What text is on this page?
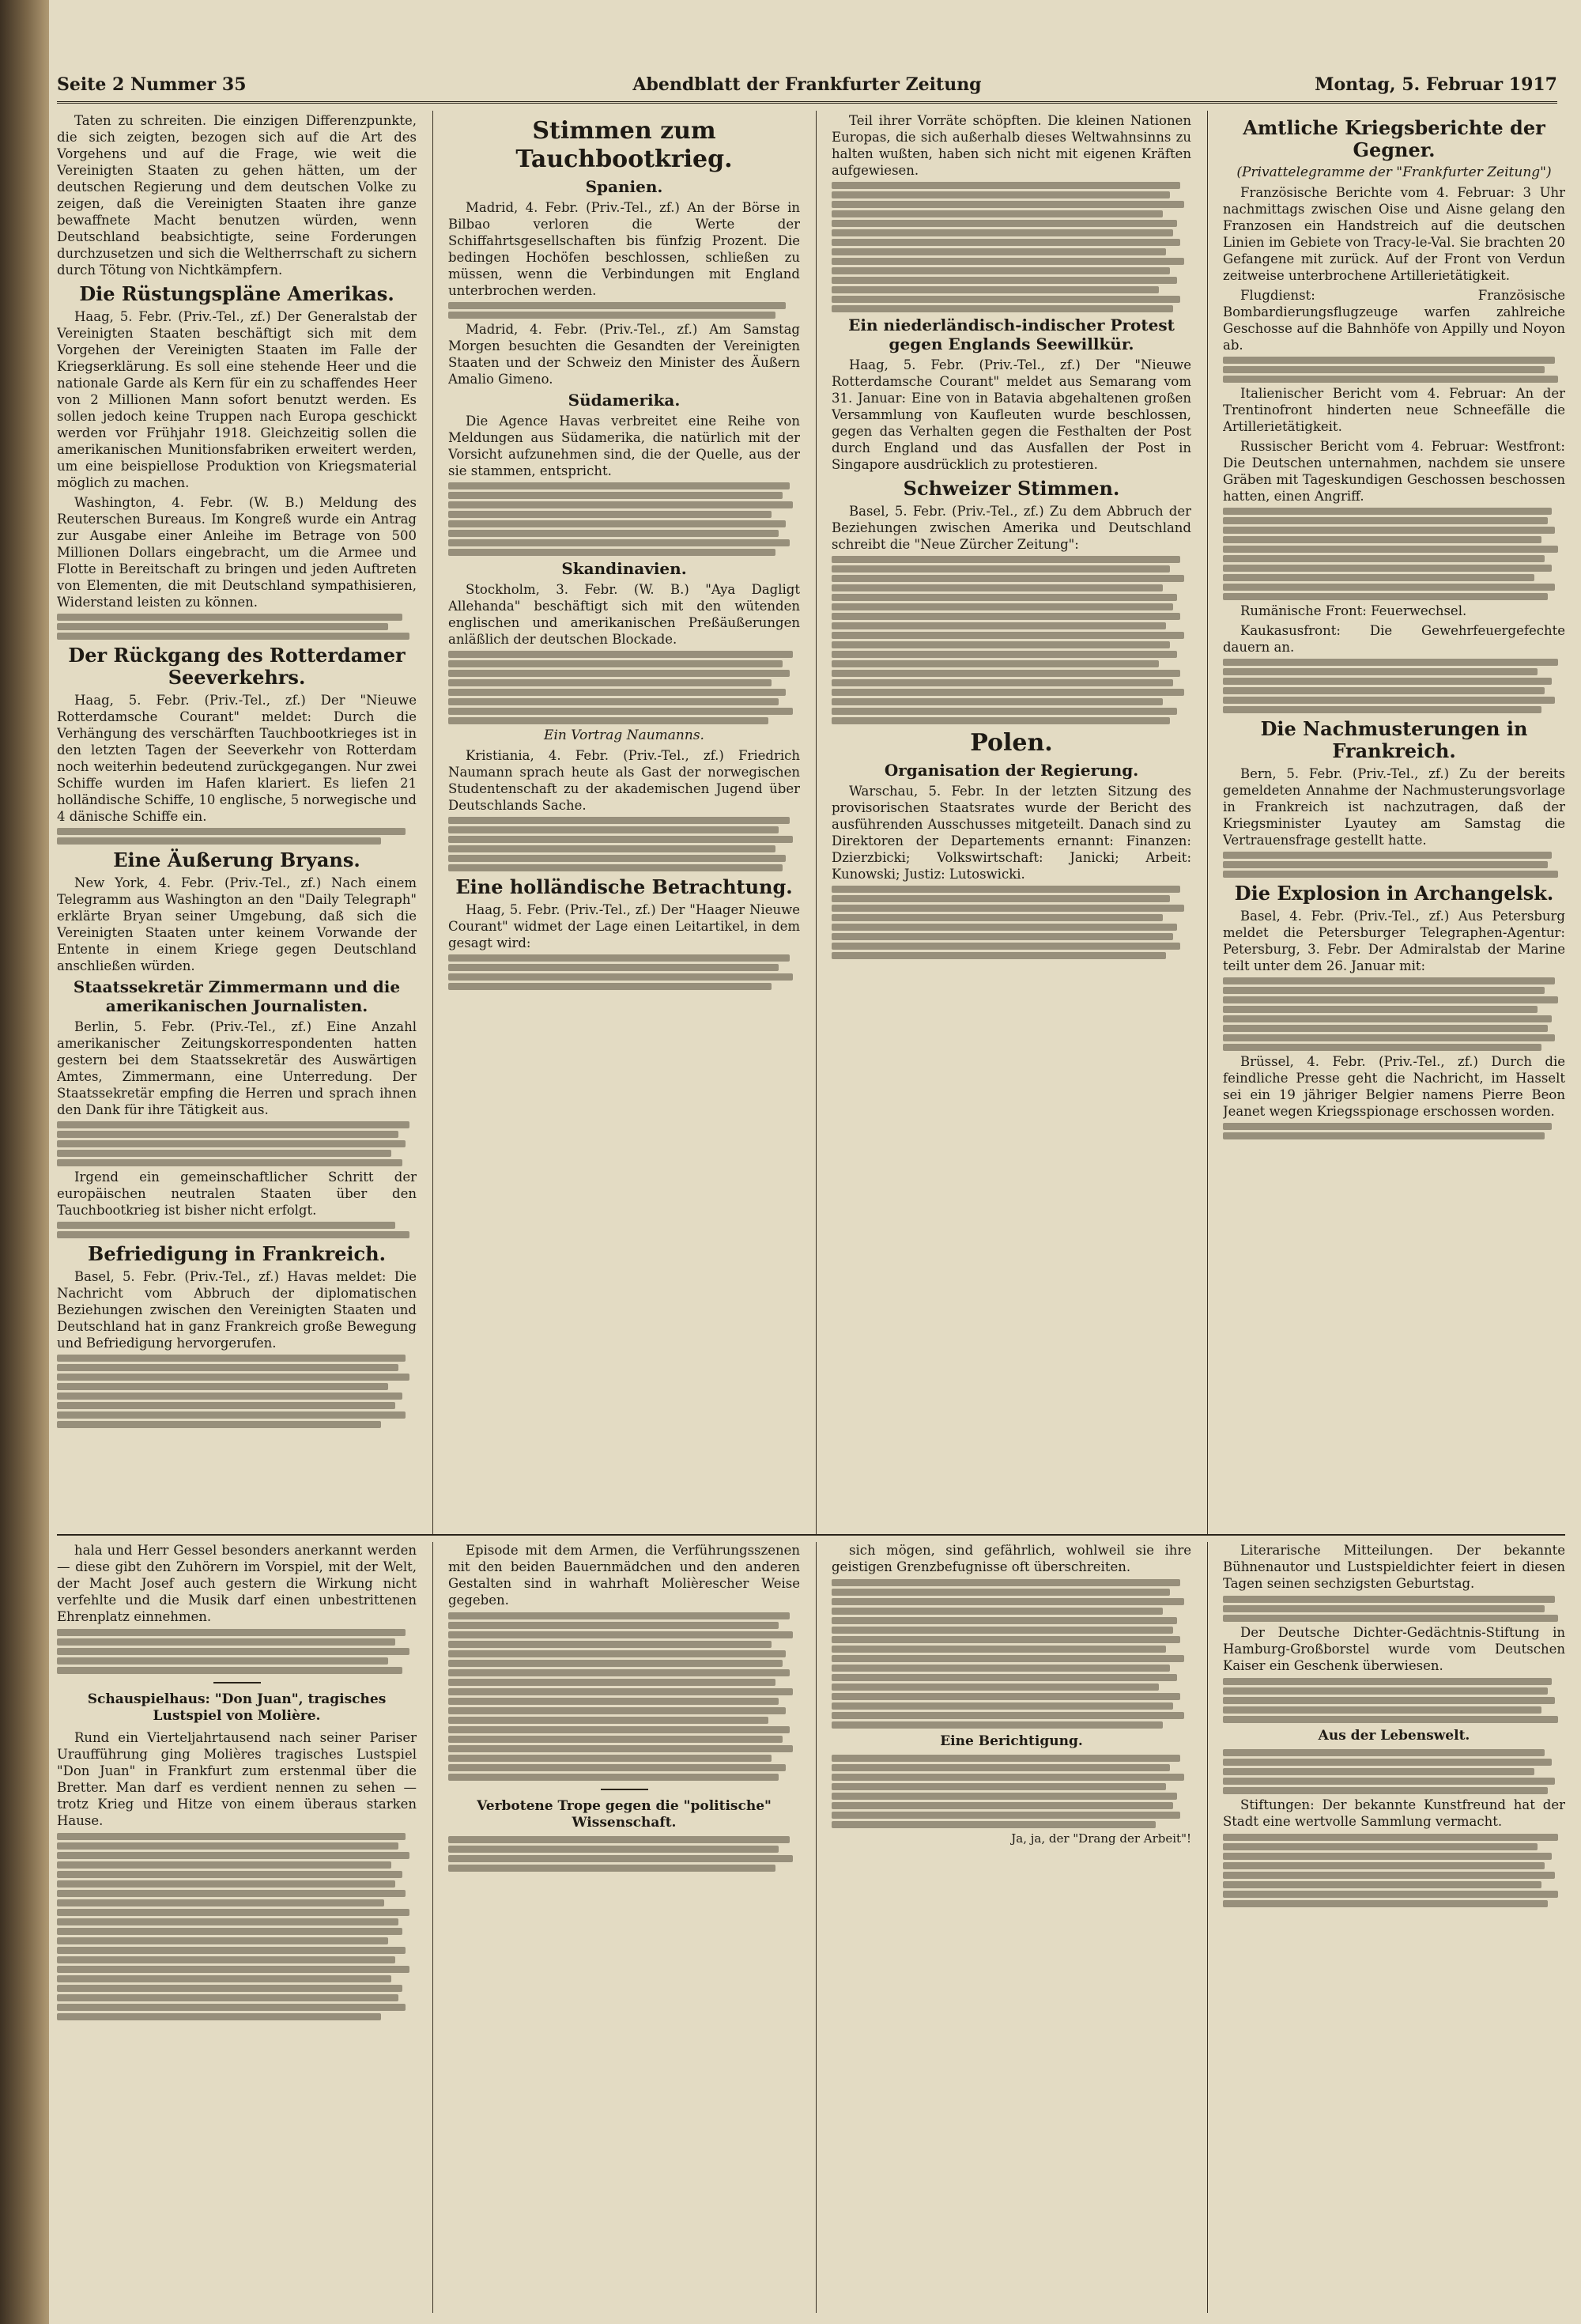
Seite 2 Nummer 35	Abendblatt der Frankfurter Zeitung	Montag, 5. Februar 1917

Taten zu schreiten. Die einzigen Differenzpunkte, die sich zeigten, bezogen sich auf die Art des Vorgehens und auf die Frage, wie weit die Vereinigten Staaten zu gehen hätten, um der deutschen Regierung und dem deutschen Volke zu zeigen, daß die Vereinigten Staaten ihre ganze bewaffnete Macht benutzen würden, wenn Deutschland beabsichtigte, seine Forderungen durchzusetzen und sich die Weltherrschaft zu sichern durch Tötung von Nichtkämpfern.

Die Rüstungspläne Amerikas.

Haag, 5. Febr. (Priv.-Tel., zf.) Der Generalstab der Vereinigten Staaten beschäftigt sich mit dem Vorgehen der Vereinigten Staaten im Falle der Kriegserklärung. Es soll eine stehende Heer und die nationale Garde als Kern für ein zu schaffendes Heer von 2 Millionen Mann sofort benutzt werden. Es sollen jedoch keine Truppen nach Europa geschickt werden vor Frühjahr 1918. Gleichzeitig sollen die amerikanischen Munitionsfabriken erweitert werden, um eine beispiellose Produktion von Kriegsmaterial möglich zu machen.

Washington, 4. Febr. (W. B.) Meldung des Reuterschen Bureaus. Im Kongreß wurde ein Antrag zur Ausgabe einer Anleihe im Betrage von 500 Millionen Dollars eingebracht, um die Armee und Flotte in Bereitschaft zu bringen und jeden Auftreten von Elementen, die mit Deutschland sympathisieren, Widerstand leisten zu können.

Der Rückgang des Rotterdamer Seeverkehrs.

Haag, 5. Febr. (Priv.-Tel., zf.) Der "Nieuwe Rotterdamsche Courant" meldet: Durch die Verhängung des verschärften Tauchbootkrieges ist in den letzten Tagen der Seeverkehr von Rotterdam noch weiterhin bedeutend zurückgegangen. Nur zwei Schiffe wurden im Hafen klariert. Es liefen 21 holländische Schiffe, 10 englische, 5 norwegische und 4 dänische Schiffe ein.

Eine Äußerung Bryans.

New York, 4. Febr. (Priv.-Tel., zf.) Nach einem Telegramm aus Washington an den "Daily Telegraph" erklärte Bryan seiner Umgebung, daß sich die Vereinigten Staaten unter keinem Vorwande der Entente in einem Kriege gegen Deutschland anschließen würden.

Staatssekretär Zimmermann und die amerikanischen Journalisten.

Berlin, 5. Febr. (Priv.-Tel., zf.) Eine Anzahl amerikanischer Zeitungskorrespondenten hatten gestern bei dem Staatssekretär des Auswärtigen Amtes, Zimmermann, eine Unterredung. Der Staatssekretär empfing die Herren und sprach ihnen den Dank für ihre Tätigkeit aus.

Irgend ein gemeinschaftlicher Schritt der europäischen neutralen Staaten über den Tauchbootkrieg ist bisher nicht erfolgt.

Befriedigung in Frankreich.

Basel, 5. Febr. (Priv.-Tel., zf.) Havas meldet: Die Nachricht vom Abbruch der diplomatischen Beziehungen zwischen den Vereinigten Staaten und Deutschland hat in ganz Frankreich große Bewegung und Befriedigung hervorgerufen.

Stimmen zum Tauchbootkrieg.
Spanien.

Madrid, 4. Febr. (Priv.-Tel., zf.) An der Börse in Bilbao verloren die Werte der Schiffahrtsgesellschaften bis fünfzig Prozent. Die bedingen Hochöfen beschlossen, schließen zu müssen, wenn die Verbindungen mit England unterbrochen werden.

Madrid, 4. Febr. (Priv.-Tel., zf.) Am Samstag Morgen besuchten die Gesandten der Vereinigten Staaten und der Schweiz den Minister des Äußern Amalio Gimeno.

Südamerika.

Die Agence Havas verbreitet eine Reihe von Meldungen aus Südamerika, die natürlich mit der Vorsicht aufzunehmen sind, die der Quelle, aus der sie stammen, entspricht.

Skandinavien.

Stockholm, 3. Febr. (W. B.) "Aya Dagligt Allehanda" beschäftigt sich mit den wütenden englischen und amerikanischen Preßäußerungen anläßlich der deutschen Blockade.

Ein Vortrag Naumanns.

Kristiania, 4. Febr. (Priv.-Tel., zf.) Friedrich Naumann sprach heute als Gast der norwegischen Studentenschaft zu der akademischen Jugend über Deutschlands Sache.

Eine holländische Betrachtung.

Haag, 5. Febr. (Priv.-Tel., zf.) Der "Haager Nieuwe Courant" widmet der Lage einen Leitartikel, in dem gesagt wird:

Teil ihrer Vorräte schöpften. Die kleinen Nationen Europas, die sich außerhalb dieses Weltwahnsinns zu halten wußten, haben sich nicht mit eigenen Kräften aufgewiesen.

Ein niederländisch-indischer Protest gegen Englands Seewillkür.

Haag, 5. Febr. (Priv.-Tel., zf.) Der "Nieuwe Rotterdamsche Courant" meldet aus Semarang vom 31. Januar: Eine von in Batavia abgehaltenen großen Versammlung von Kaufleuten wurde beschlossen, gegen das Verhalten gegen die Festhalten der Post durch England und das Ausfallen der Post in Singapore ausdrücklich zu protestieren.

Schweizer Stimmen.

Basel, 5. Febr. (Priv.-Tel., zf.) Zu dem Abbruch der Beziehungen zwischen Amerika und Deutschland schreibt die "Neue Zürcher Zeitung":

Polen.
Organisation der Regierung.

Warschau, 5. Febr. In der letzten Sitzung des provisorischen Staatsrates wurde der Bericht des ausführenden Ausschusses mitgeteilt. Danach sind zu Direktoren der Departements ernannt: Finanzen: Dzierzbicki; Volkswirtschaft: Janicki; Arbeit: Kunowski; Justiz: Lutoswicki.

Amtliche Kriegsberichte der Gegner.
(Privattelegramme der "Frankfurter Zeitung")

Französische Berichte vom 4. Februar: 3 Uhr nachmittags zwischen Oise und Aisne gelang den Franzosen ein Handstreich auf die deutschen Linien im Gebiete von Tracy-le-Val. Sie brachten 20 Gefangene mit zurück. Auf der Front von Verdun zeitweise unterbrochene Artillerietätigkeit.

Flugdienst: Französische Bombardierungsflugzeuge warfen zahlreiche Geschosse auf die Bahnhöfe von Appilly und Noyon ab.

Italienischer Bericht vom 4. Februar: An der Trentinofront hinderten neue Schneefälle die Artillerietätigkeit.

Russischer Bericht vom 4. Februar: Westfront: Die Deutschen unternahmen, nachdem sie unsere Gräben mit Tageskundigen Geschossen beschossen hatten, einen Angriff.

Rumänische Front: Feuerwechsel.

Kaukasusfront: Die Gewehrfeuergefechte dauern an.

Die Nachmusterungen in Frankreich.

Bern, 5. Febr. (Priv.-Tel., zf.) Zu der bereits gemeldeten Annahme der Nachmusterungsvorlage in Frankreich ist nachzutragen, daß der Kriegsminister Lyautey am Samstag die Vertrauensfrage gestellt hatte.

Die Explosion in Archangelsk.

Basel, 4. Febr. (Priv.-Tel., zf.) Aus Petersburg meldet die Petersburger Telegraphen-Agentur: Petersburg, 3. Febr. Der Admiralstab der Marine teilt unter dem 26. Januar mit:

Brüssel, 4. Febr. (Priv.-Tel., zf.) Durch die feindliche Presse geht die Nachricht, im Hasselt sei ein 19 jähriger Belgier namens Pierre Beon Jeanet wegen Kriegsspionage erschossen worden.

hala und Herr Gessel besonders anerkannt werden — diese gibt den Zuhörern im Vorspiel, mit der Welt, der Macht Josef auch gestern die Wirkung nicht verfehlte und die Musik darf einen unbestrittenen Ehrenplatz einnehmen.

Schauspielhaus: "Don Juan", tragisches Lustspiel von Molière.

Rund ein Vierteljahrtausend nach seiner Pariser Uraufführung ging Molières tragisches Lustspiel "Don Juan" in Frankfurt zum erstenmal über die Bretter. Man darf es verdient nennen zu sehen — trotz Krieg und Hitze von einem überaus starken Hause.

Episode mit dem Armen, die Verführungsszenen mit den beiden Bauernmädchen und den anderen Gestalten sind in wahrhaft Molièrescher Weise gegeben.

Verbotene Trope gegen die "politische" Wissenschaft.

sich mögen, sind gefährlich, wohlweil sie ihre geistigen Grenzbefugnisse oft überschreiten.

Eine Berichtigung.

Ja, ja, der "Drang der Arbeit"!

Literarische Mitteilungen. Der bekannte Bühnenautor und Lustspieldichter feiert in diesen Tagen seinen sechzigsten Geburtstag.

Der Deutsche Dichter-Gedächtnis-Stiftung in Hamburg-Großborstel wurde vom Deutschen Kaiser ein Geschenk überwiesen.

Aus der Lebenswelt.

Stiftungen: Der bekannte Kunstfreund hat der Stadt eine wertvolle Sammlung vermacht.
